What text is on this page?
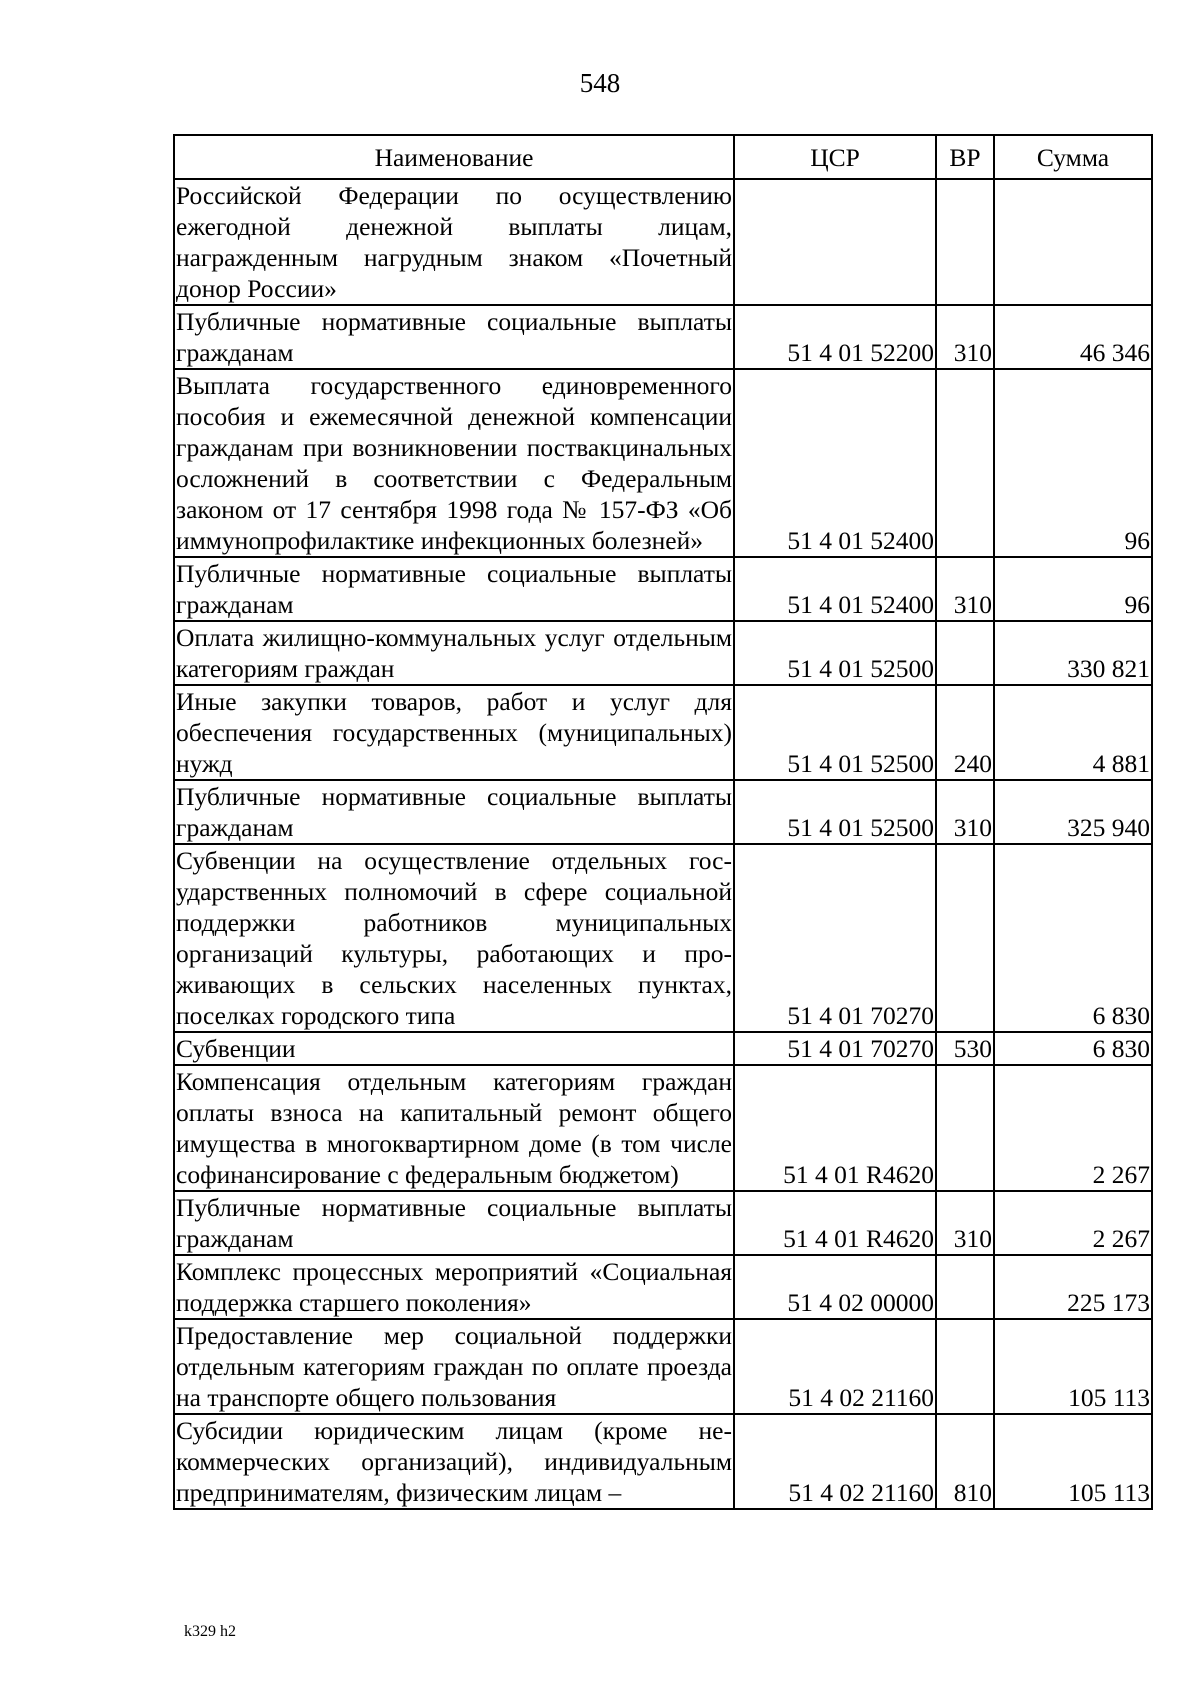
548
Наименование	ЦСР	ВР	Сумма
Российской Федерации по осуществлению ежегодной денежной выплаты лицам, награжденным нагрудным знаком «Почетный донор России»			
Публичные нормативные социальные выплаты гражданам	51 4 01 52200	310	46 346
Выплата государственного единовременного пособия и ежемесячной денежной компенсации гражданам при возникновении поствакцинальных осложнений в соответствии с Федеральным законом от 17 сентября 1998 года № 157-ФЗ «Об иммунопрофилактике инфекционных болезней»	51 4 01 52400		96
Публичные нормативные социальные выплаты гражданам	51 4 01 52400	310	96
Оплата жилищно-коммунальных услуг отдельным категориям граждан	51 4 01 52500		330 821
Иные закупки товаров, работ и услуг для обеспечения государственных (муниципальных) нужд	51 4 01 52500	240	4 881
Публичные нормативные социальные выплаты гражданам	51 4 01 52500	310	325 940
Субвенции на осуществление отдельных государственных полномочий в сфере социальной поддержки работников муниципальных организаций культуры, работающих и проживающих в сельских населенных пунктах, поселках городского типа	51 4 01 70270		6 830
Субвенции	51 4 01 70270	530	6 830
Компенсация отдельным категориям граждан оплаты взноса на капитальный ремонт общего имущества в многоквартирном доме (в том числе софинансирование с федеральным бюджетом)	51 4 01 R4620		2 267
Публичные нормативные социальные выплаты гражданам	51 4 01 R4620	310	2 267
Комплекс процессных мероприятий «Социальная поддержка старшего поколения»	51 4 02 00000		225 173
Предоставление мер социальной поддержки отдельным категориям граждан по оплате проезда на транспорте общего пользования	51 4 02 21160		105 113
Субсидии юридическим лицам (кроме некоммерческих организаций), индивидуальным предпринимателям, физическим лицам –	51 4 02 21160	810	105 113
k329 h2
